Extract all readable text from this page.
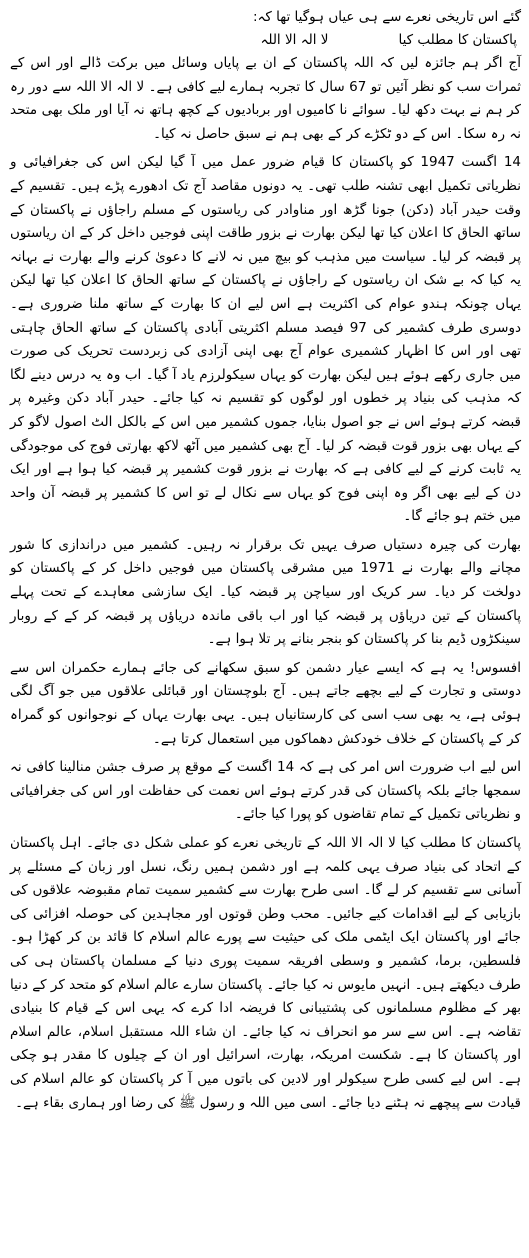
گئے اس تاریخی نعرے سے ہی عیاں ہوگیا تھا کہ:

پاکستان کا مطلب کیا
لا الہ الا اللہ

آج اگر ہم جائزہ لیں کہ اللہ پاکستان کے ان بے پایاں وسائل میں برکت ڈالے اور اس کے ثمرات سب کو نظر آئیں تو 67 سال کا تجربہ ہمارے لیے کافی ہے۔ لا الہ الا اللہ سے دور رہ کر ہم نے بہت دکھ لیا۔ سوائے نا کامیوں اور بربادیوں کے کچھ ہاتھ نہ آیا اور ملک بھی متحد نہ رہ سکا۔ اس کے دو ٹکڑے کر کے بھی ہم نے سبق حاصل نہ کیا۔

14 اگست 1947 کو پاکستان کا قیام ضرور عمل میں آ گیا لیکن اس کی جغرافیائی و نظریاتی تکمیل ابھی تشنہ طلب تھی۔ یہ دونوں مقاصد آج تک ادھورے پڑے ہیں۔ تقسیم کے وقت حیدر آباد (دکن) جونا گڑھ اور مناوادر کی ریاستوں کے مسلم راجاؤں نے پاکستان کے ساتھ الحاق کا اعلان کیا تھا لیکن بھارت نے بزور طاقت اپنی فوجیں داخل کر کے ان ریاستوں پر قبضہ کر لیا۔ سیاست میں مذہب کو بیچ میں نہ لانے کا دعویٰ کرنے والے بھارت نے بہانہ یہ کیا کہ بے شک ان ریاستوں کے راجاؤں نے پاکستان کے ساتھ الحاق کا اعلان کیا تھا لیکن یہاں چونکہ ہندو عوام کی اکثریت ہے اس لیے ان کا بھارت کے ساتھ ملنا ضروری ہے۔ دوسری طرف کشمیر کی 97 فیصد مسلم اکثریتی آبادی پاکستان کے ساتھ الحاق چاہتی تھی اور اس کا اظہار کشمیری عوام آج بھی اپنی آزادی کی زبردست تحریک کی صورت میں جاری رکھے ہوئے ہیں لیکن بھارت کو یہاں سیکولرزم یاد آ گیا۔ اب وہ یہ درس دینے لگا کہ مذہب کی بنیاد پر خطوں اور لوگوں کو تقسیم نہ کیا جائے۔ حیدر آباد دکن وغیرہ پر قبضہ کرتے ہوئے اس نے جو اصول بنایا، جموں کشمیر میں اس کے بالکل الٹ اصول لاگو کر کے یہاں بھی بزور قوت قبضہ کر لیا۔ آج بھی کشمیر میں آٹھ لاکھ بھارتی فوج کی موجودگی یہ ثابت کرنے کے لیے کافی ہے کہ بھارت نے بزور قوت کشمیر پر قبضہ کیا ہوا ہے اور ایک دن کے لیے بھی اگر وہ اپنی فوج کو یہاں سے نکال لے تو اس کا کشمیر پر قبضہ آن واحد میں ختم ہو جائے گا۔

بھارت کی چیرہ دستیاں صرف یہیں تک برقرار نہ رہیں۔ کشمیر میں دراندازی کا شور مچانے والے بھارت نے 1971 میں مشرقی پاکستان میں فوجیں داخل کر کے پاکستان کو دولخت کر دیا۔ سر کریک اور سیاچن پر قبضہ کیا۔ ایک سازشی معاہدے کے تحت پہلے پاکستان کے تین دریاؤں پر قبضہ کیا اور اب باقی ماندہ دریاؤں پر قبضہ کر کے کے روبار سینکڑوں ڈیم بنا کر پاکستان کو بنجر بنانے پر تلا ہوا ہے۔

افسوس! یہ ہے کہ ایسے عیار دشمن کو سبق سکھانے کی جائے ہمارے حکمران اس سے دوستی و تجارت کے لیے بچھے جاتے ہیں۔ آج بلوچستان اور قبائلی علاقوں میں جو آگ لگی ہوئی ہے، یہ بھی سب اسی کی کارستانیاں ہیں۔ یہی بھارت یہاں کے نوجوانوں کو گمراہ کر کے پاکستان کے خلاف خودکش دھماکوں میں استعمال کرتا ہے۔

اس لیے اب ضرورت اس امر کی ہے کہ 14 اگست کے موقع پر صرف جشن منالینا کافی نہ سمجھا جائے بلکہ پاکستان کی قدر کرتے ہوئے اس نعمت کی حفاظت اور اس کی جغرافیائی و نظریاتی تکمیل کے تمام تقاضوں کو پورا کیا جائے۔

پاکستان کا مطلب کیا لا الہ الا اللہ کے تاریخی نعرے کو عملی شکل دی جائے۔ اہل پاکستان کے اتحاد کی بنیاد صرف یہی کلمہ ہے اور دشمن ہمیں رنگ، نسل اور زبان کے مسئلے پر آسانی سے تقسیم کر لے گا۔ اسی طرح بھارت سے کشمیر سمیت تمام مقبوضہ علاقوں کی بازیابی کے لیے اقدامات کیے جائیں۔ محب وطن قوتوں اور مجاہدین کی حوصلہ افزائی کی جائے اور پاکستان ایک ایٹمی ملک کی حیثیت سے پورے عالم اسلام کا قائد بن کر کھڑا ہو۔ فلسطین، برما، کشمیر و وسطی افریقہ سمیت پوری دنیا کے مسلمان پاکستان ہی کی طرف دیکھتے ہیں۔ انہیں مایوس نہ کیا جائے۔ پاکستان سارے عالم اسلام کو متحد کر کے دنیا بھر کے مظلوم مسلمانوں کی پشتیبانی کا فریضہ ادا کرے کہ یہی اس کے قیام کا بنیادی تقاضہ ہے۔ اس سے سر مو انحراف نہ کیا جائے۔ ان شاء اللہ مستقبل اسلام، عالم اسلام اور پاکستان کا ہے۔ شکست امریکہ، بھارت، اسرائیل اور ان کے چیلوں کا مقدر ہو چکی ہے۔ اس لیے کسی طرح سیکولر اور لادین کی باتوں میں آ کر پاکستان کو عالم اسلام کی قیادت سے پیچھے نہ ہٹنے دیا جائے۔ اسی میں اللہ و رسول ﷺ کی رضا اور ہماری بقاء ہے۔
